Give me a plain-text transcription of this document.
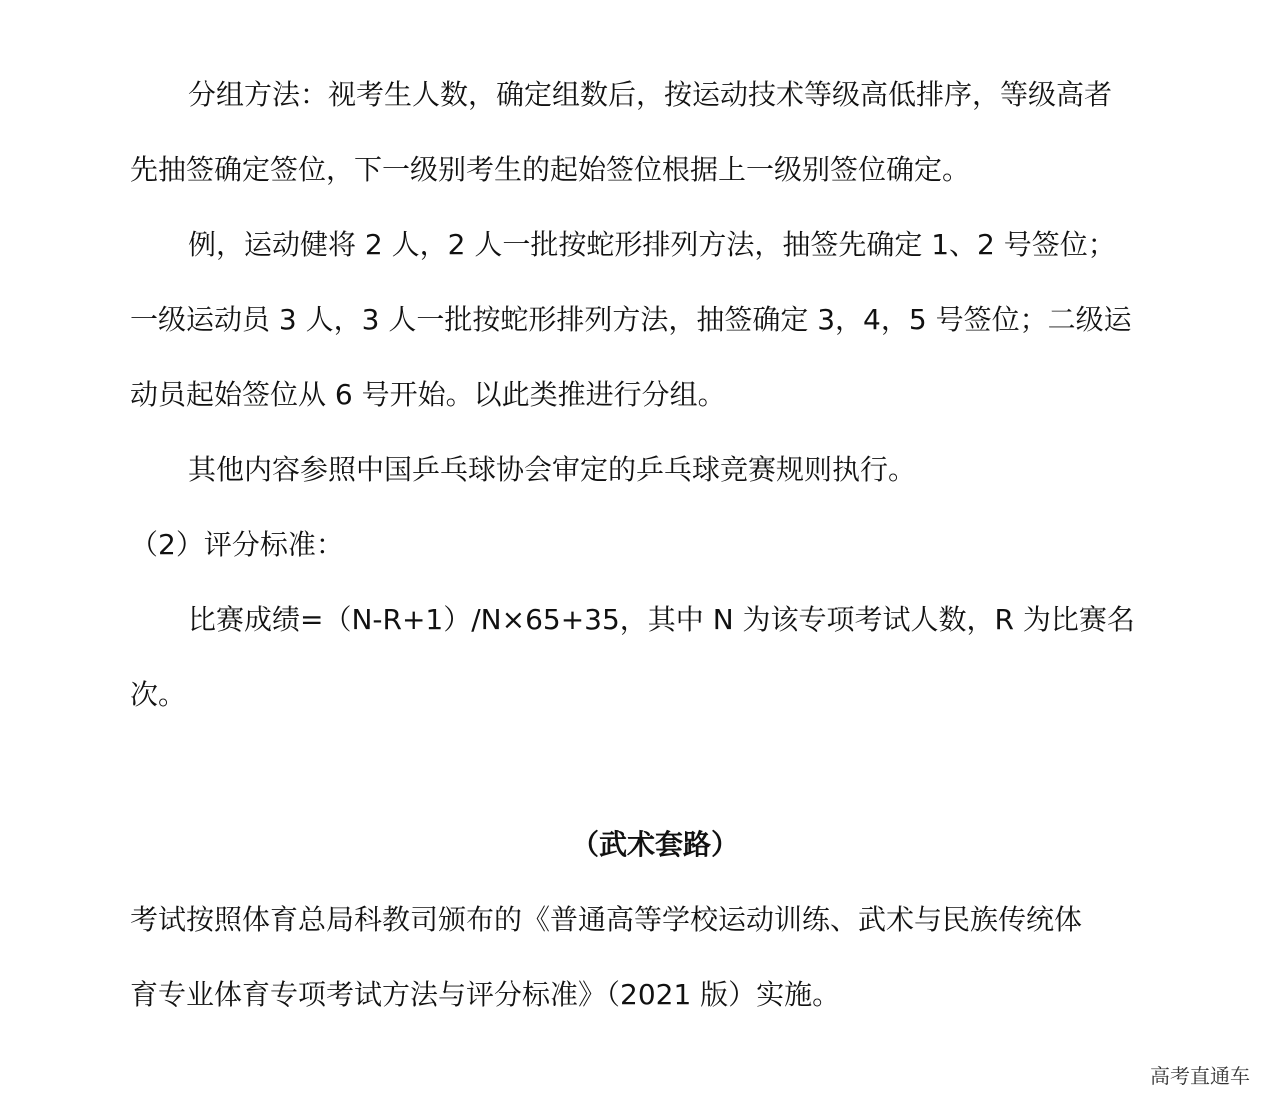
分组方法：视考生人数，确定组数后，按运动技术等级高低排序，等级高者
先抽签确定签位，下一级别考生的起始签位根据上一级别签位确定。
例，运动健将 2 人，2 人一批按蛇形排列方法，抽签先确定 1、2 号签位；
一级运动员 3 人，3 人一批按蛇形排列方法，抽签确定 3，4，5 号签位；二级运
动员起始签位从 6 号开始。以此类推进行分组。
其他内容参照中国乒乓球协会审定的乒乓球竞赛规则执行。
（2）评分标准：
比赛成绩=（N-R+1）/N×65+35，其中 N 为该专项考试人数，R 为比赛名
次。
（武术套路）
考试按照体育总局科教司颁布的《普通高等学校运动训练、武术与民族传统体
育专业体育专项考试方法与评分标准》（2021 版）实施。
高考直通车
